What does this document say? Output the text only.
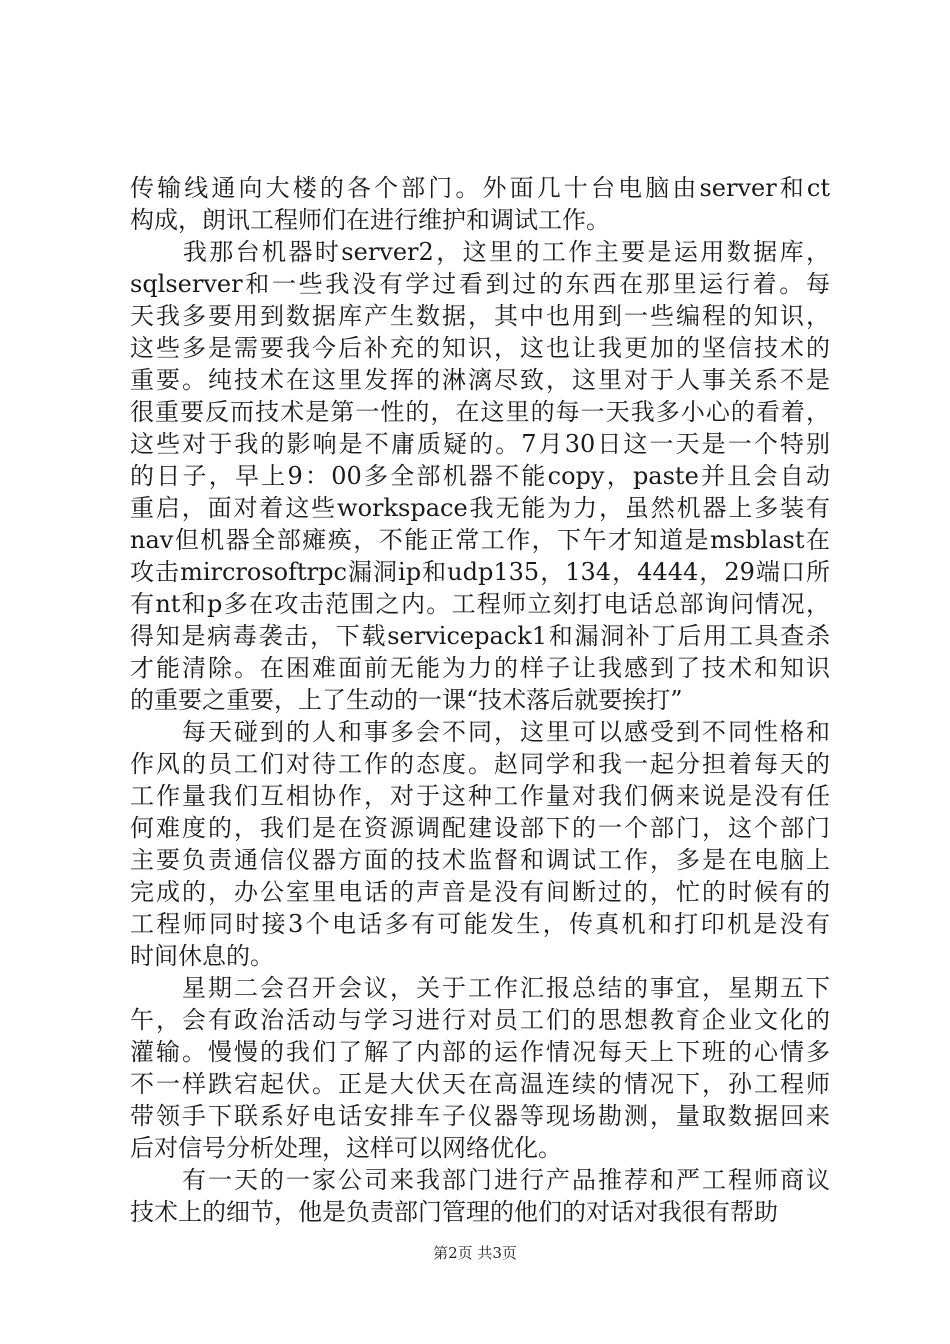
传输线通向大楼的各个部门。外面几十台电脑由server和ct
构成，朗讯工程师们在进行维护和调试工作。
　　我那台机器时server2，这里的工作主要是运用数据库，
sqlserver和一些我没有学过看到过的东西在那里运行着。每
天我多要用到数据库产生数据，其中也用到一些编程的知识，
这些多是需要我今后补充的知识，这也让我更加的坚信技术的
重要。纯技术在这里发挥的淋漓尽致，这里对于人事关系不是
很重要反而技术是第一性的，在这里的每一天我多小心的看着，
这些对于我的影响是不庸质疑的。7月30日这一天是一个特别
的日子，早上9：00多全部机器不能copy，paste并且会自动
重启，面对着这些workspace我无能为力，虽然机器上多装有
nav但机器全部瘫痪，不能正常工作，下午才知道是msblast在
攻击mircrosoftrpc漏洞ip和udp135，134，4444，29端口所
有nt和p多在攻击范围之内。工程师立刻打电话总部询问情况，
得知是病毒袭击，下载servicepack1和漏洞补丁后用工具查杀
才能清除。在困难面前无能为力的样子让我感到了技术和知识
的重要之重要，上了生动的一课“技术落后就要挨打”
　　每天碰到的人和事多会不同，这里可以感受到不同性格和
作风的员工们对待工作的态度。赵同学和我一起分担着每天的
工作量我们互相协作，对于这种工作量对我们俩来说是没有任
何难度的，我们是在资源调配建设部下的一个部门，这个部门
主要负责通信仪器方面的技术监督和调试工作，多是在电脑上
完成的，办公室里电话的声音是没有间断过的，忙的时候有的
工程师同时接3个电话多有可能发生，传真机和打印机是没有
时间休息的。
　　星期二会召开会议，关于工作汇报总结的事宜，星期五下
午，会有政治活动与学习进行对员工们的思想教育企业文化的
灌输。慢慢的我们了解了内部的运作情况每天上下班的心情多
不一样跌宕起伏。正是大伏天在高温连续的情况下，孙工程师
带领手下联系好电话安排车子仪器等现场勘测，量取数据回来
后对信号分析处理，这样可以网络优化。
　　有一天的一家公司来我部门进行产品推荐和严工程师商议
技术上的细节，他是负责部门管理的他们的对话对我很有帮助
第2页 共3页
